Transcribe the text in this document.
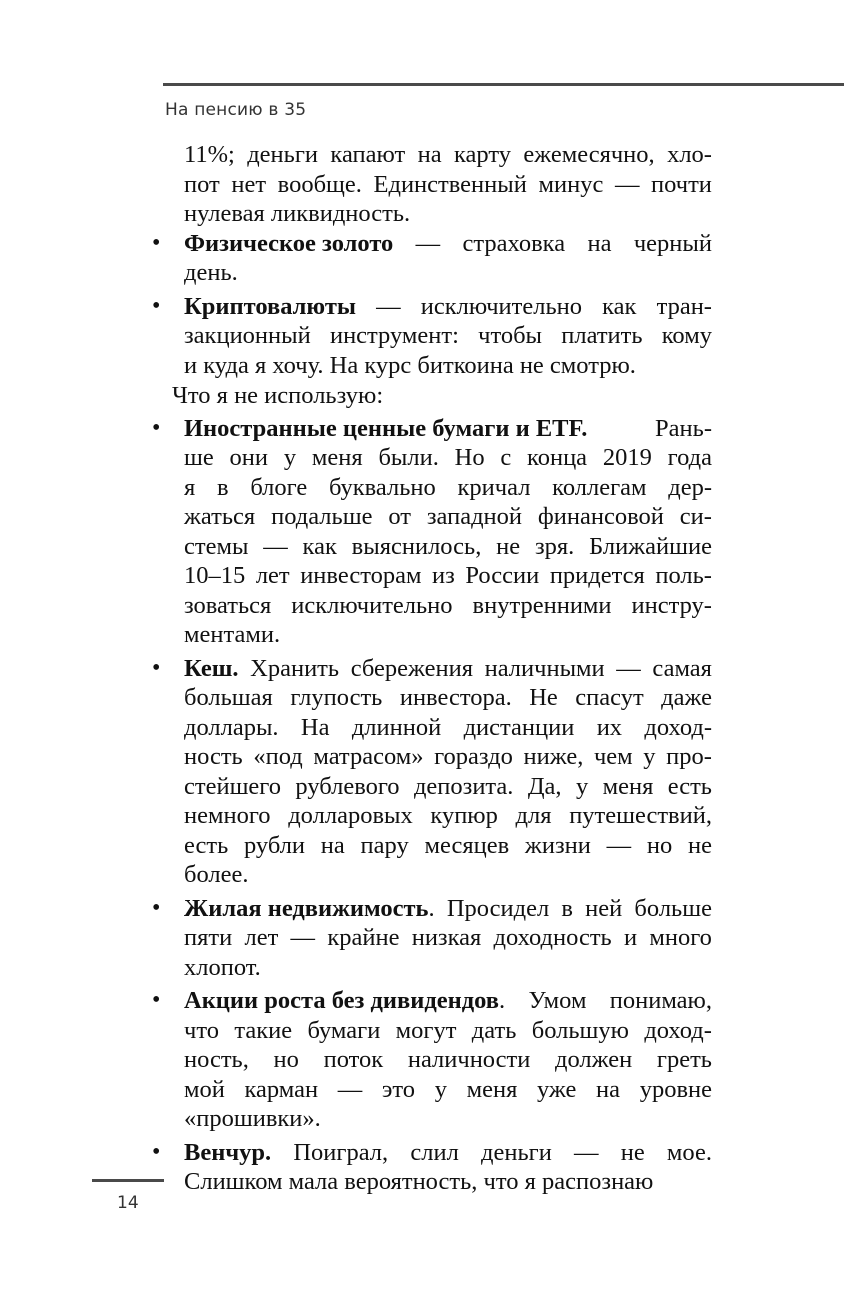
На пенсию в 35
11%; деньги капают на карту ежемесячно, хло-
пот нет вообще. Единственный минус — почти
нулевая ликвидность.
• Физическое золото — страховка на черный
день.
• Криптовалюты — исключительно как тран-
закционный инструмент: чтобы платить кому
и куда я хочу. На курс биткоина не смотрю.
Что я не использую:
• Иностранные ценные бумаги и ETF.	Рань-
ше они у меня были. Но с конца 2019 года
я в блоге буквально кричал коллегам дер-
жаться подальше от западной финансовой си-
стемы — как выяснилось, не зря. Ближайшие
10–15 лет инвесторам из России придется поль-
зоваться исключительно внутренними инстру-
ментами.
• Кеш. Хранить сбережения наличными — самая
большая глупость инвестора. Не спасут даже
доллары. На длинной дистанции их доход-
ность «под матрасом» гораздо ниже, чем у про-
стейшего рублевого депозита. Да, у меня есть
немного долларовых купюр для путешествий,
есть рубли на пару месяцев жизни — но не
более.
• Жилая недвижимость. Просидел в ней больше
пяти лет — крайне низкая доходность и много
хлопот.
• Акции роста без дивидендов. Умом понимаю,
что такие бумаги могут дать большую доход-
ность, но поток наличности должен греть
мой карман — это у меня уже на уровне
«прошивки».
• Венчур. Поиграл, слил деньги — не мое.
Слишком мала вероятность, что я распознаю
14
